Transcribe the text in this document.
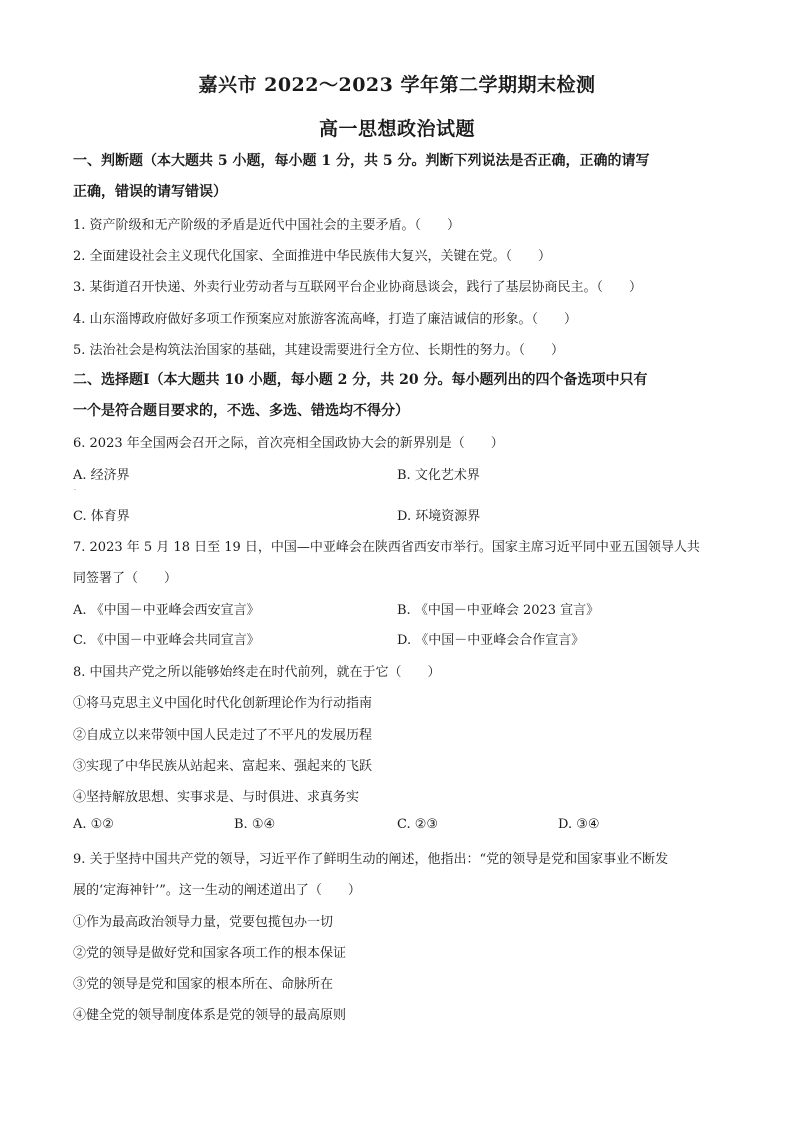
嘉兴市 2022～2023 学年第二学期期末检测
高一思想政治试题
一、判断题（本大题共 5 小题，每小题 1 分，共 5 分。判断下列说法是否正确，正确的请写
正确，错误的请写错误）
1. 资产阶级和无产阶级的矛盾是近代中国社会的主要矛盾。（　　）
2. 全面建设社会主义现代化国家、全面推进中华民族伟大复兴，关键在党。（　　）
3. 某街道召开快递、外卖行业劳动者与互联网平台企业协商恳谈会，践行了基层协商民主。（　　）
4. 山东淄博政府做好多项工作预案应对旅游客流高峰，打造了廉洁诚信的形象。（　　）
5. 法治社会是构筑法治国家的基础，其建设需要进行全方位、长期性的努力。（　　）
二、选择题Ⅰ（本大题共 10 小题，每小题 2 分，共 20 分。每小题列出的四个备选项中只有
一个是符合题目要求的，不选、多选、错选均不得分）
6. 2023 年全国两会召开之际，首次亮相全国政协大会的新界别是（　　）
A. 经济界	B. 文化艺术界
·
C. 体育界	D. 环境资源界
7. 2023 年 5 月 18 日至 19 日，中国—中亚峰会在陕西省西安市举行。国家主席习近平同中亚五国领导人共
同签署了（　　）
A. 《中国－中亚峰会西安宣言》	B. 《中国－中亚峰会 2023 宣言》
C. 《中国－中亚峰会共同宣言》	D. 《中国－中亚峰会合作宣言》
8. 中国共产党之所以能够始终走在时代前列，就在于它（　　）
①将马克思主义中国化时代化创新理论作为行动指南
②自成立以来带领中国人民走过了不平凡的发展历程
③实现了中华民族从站起来、富起来、强起来的飞跃
④坚持解放思想、实事求是、与时俱进、求真务实
A. ①②	B. ①④	C. ②③	D. ③④
9. 关于坚持中国共产党的领导，习近平作了鲜明生动的阐述，他指出：“党的领导是党和国家事业不断发
展的‘定海神针’”。这一生动的阐述道出了（　　）
①作为最高政治领导力量，党要包揽包办一切
②党的领导是做好党和国家各项工作的根本保证
③党的领导是党和国家的根本所在、命脉所在
④健全党的领导制度体系是党的领导的最高原则
